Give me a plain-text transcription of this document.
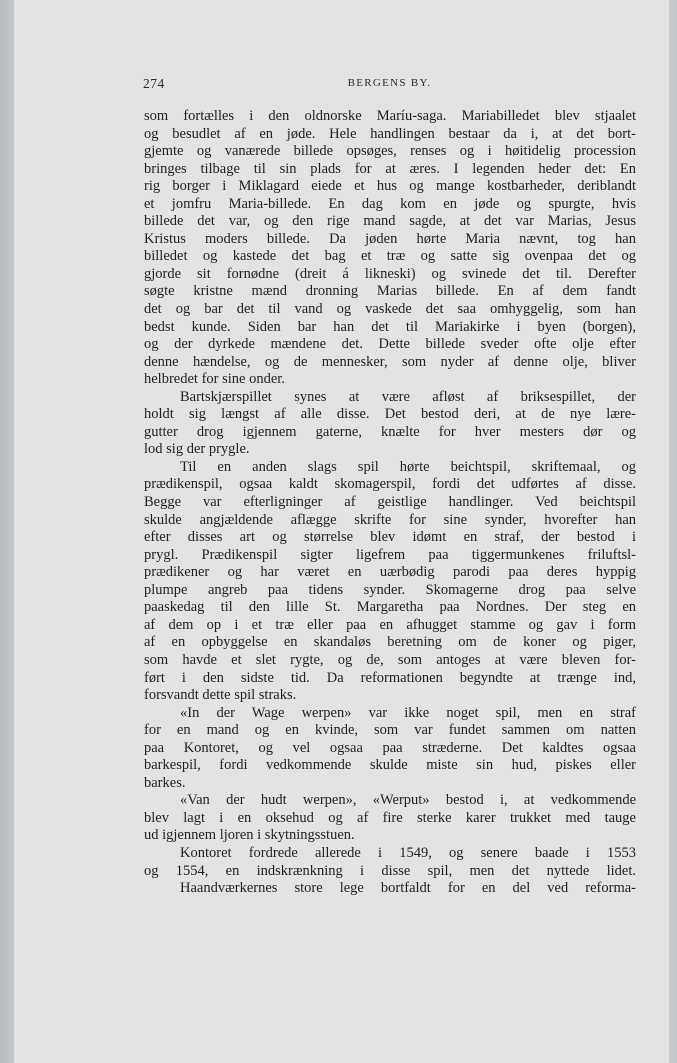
274	BERGENS BY.
som fortælles i den oldnorske Maríu-saga. Mariabilledet blev stjaalet
og besudlet af en jøde. Hele handlingen bestaar da i, at det bort-
gjemte og vanærede billede opsøges, renses og i høitidelig procession
bringes tilbage til sin plads for at æres. I legenden heder det: En
rig borger i Miklagard eiede et hus og mange kostbarheder, deriblandt
et jomfru Maria-billede. En dag kom en jøde og spurgte, hvis
billede det var, og den rige mand sagde, at det var Marias, Jesus
Kristus moders billede. Da jøden hørte Maria nævnt, tog han
billedet og kastede det bag et træ og satte sig ovenpaa det og
gjorde sit fornødne (dreit á likneski) og svinede det til. Derefter
søgte kristne mænd dronning Marias billede. En af dem fandt
det og bar det til vand og vaskede det saa omhyggelig, som han
bedst kunde. Siden bar han det til Mariakirke i byen (borgen),
og der dyrkede mændene det. Dette billede sveder ofte olje efter
denne hændelse, og de mennesker, som nyder af denne olje, bliver
helbredet for sine onder.
Bartskjærspillet synes at være afløst af briksespillet, der
holdt sig længst af alle disse. Det bestod deri, at de nye lære-
gutter drog igjennem gaterne, knælte for hver mesters dør og
lod sig der prygle.
Til en anden slags spil hørte beichtspil, skriftemaal, og
prædikenspil, ogsaa kaldt skomagerspil, fordi det udførtes af disse.
Begge var efterligninger af geistlige handlinger. Ved beichtspil
skulde angjældende aflægge skrifte for sine synder, hvorefter han
efter disses art og størrelse blev idømt en straf, der bestod i
prygl. Prædikenspil sigter ligefrem paa tiggermunkenes friluftsl-
prædikener og har været en uærbødig parodi paa deres hyppig
plumpe angreb paa tidens synder. Skomagerne drog paa selve
paaskedag til den lille St. Margaretha paa Nordnes. Der steg en
af dem op i et træ eller paa en afhugget stamme og gav i form
af en opbyggelse en skandaløs beretning om de koner og piger,
som havde et slet rygte, og de, som antoges at være bleven for-
ført i den sidste tid. Da reformationen begyndte at trænge ind,
forsvandt dette spil straks.
«In der Wage werpen» var ikke noget spil, men en straf
for en mand og en kvinde, som var fundet sammen om natten
paa Kontoret, og vel ogsaa paa stræderne. Det kaldtes ogsaa
barkespil, fordi vedkommende skulde miste sin hud, piskes eller
barkes.
«Van der hudt werpen», «Werput» bestod i, at vedkommende
blev lagt i en oksehud og af fire sterke karer trukket med tauge
ud igjennem ljoren i skytningsstuen.
Kontoret fordrede allerede i 1549, og senere baade i 1553
og 1554, en indskrænkning i disse spil, men det nyttede lidet.
Haandværkernes store lege bortfaldt for en del ved reforma-
